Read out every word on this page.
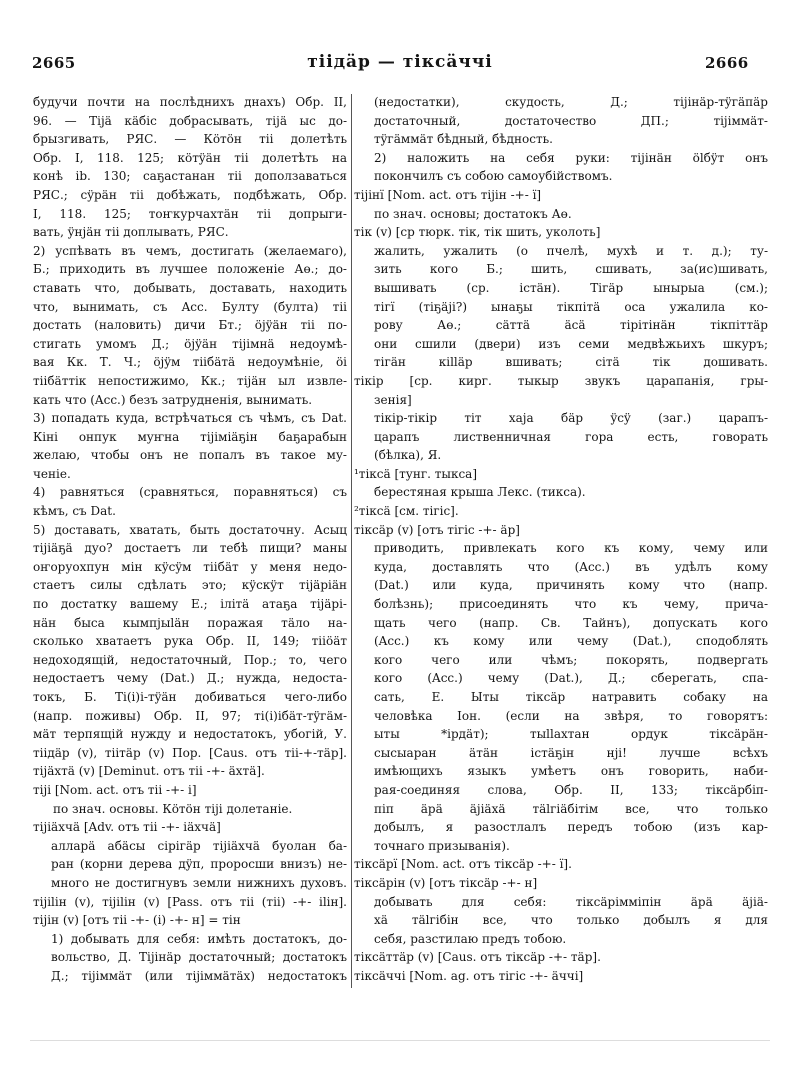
2665	тіідäр — тіксäччі	2666
будучи почти на послѣднихъ днахъ) Обр. II,
96. — Тіjä кäбіс добрасывать, тіjä ыс до-
брызгивать, РЯС. — Кöтöн тіі долетѣть
Обр. I, 118. 125; кöтÿäн тіі долетѣть на
конѣ ib. 130; саҕастанан тіі доползаваться
РЯС.; сÿрäн тіі добѣжать, подбѣжать, Обр.
I, 118. 125; тоҥкурчахтäн тіі допрыги-
вать, ÿнjäн тіі доплывать, РЯС.
2) успѣвать въ чемъ, достигать (желаемаго),
Б.; приходить въ лучшее положеніе Аө.; до-
ставать что, добывать, доставать, находить
что, вынимать, съ Acc. Булту (булта) тіі
достать (наловить) дичи Бт.; öjÿäн тіі по-
стигать умомъ Д.; öjÿäн тіjімнä недоумѣ-
вая Кк. Т. Ч.; öjÿм тіібäтä недоумѣніе, öі
тіібäттік непостижимо, Кк.; тіjäн ыл извле-
кать что (Acc.) безъ затрудненія, вынимать.
3) попадать куда, встрѣчаться съ чѣмъ, съ Dat.
Кіні онпук муҥна тіjімiäҕін баҕарабын
желаю, чтобы онъ не попалъ въ такое му-
ченіе.
4) равняться (сравняться, поравняться) съ
кѣмъ, съ Dat.
5) доставать, хватать, быть достаточну. Асыц
тіjiäҕä дуо? достаетъ ли тебѣ пищи? маны
оҥоруохпун мін кÿсÿм тіібäт у меня недо-
стаетъ силы сдѣлать это; кÿскÿт тіjäрiäн
по достатку вашему Е.; ілітä атаҕа тіjäрi-
нäн быса кымпjыläн поражая тäло на-
сколько хватаетъ рука Обр. II, 149; тііöäт
недоходящій, недостаточный, Пор.; то, чего
недостаетъ чему (Dat.) Д.; нужда, недоста-
токъ, Б. Ті(і)і-тÿäн добиваться чего-либо
(напр. поживы) Обр. II, 97; ті(і)ібäт-тÿгäм-
мäт терпящій нужду и недостатокъ, убогій, У.
тіідäр (v), тіітäр (v) Пор. [Caus. отъ тіі-+-тäр].
тіjäхтä (v) [Deminut. отъ тіі -+- äхтä].
тіjі [Nom. act. отъ тіі -+- і]
по знач. основы. Кöтöн тіjі долетаніе.
тіjiäхчä [Adv. отъ тіі -+- iäхчä]
алларä абäсы сірігäр тіjiäхчä буолан ба-
ран (корни дерева дÿп, проросши внизъ) не-
много не достигнувъ земли нижнихъ духовъ.
тіjіlін (v), тіjіlін (v) [Pass. отъ тіі (тіі) -+- іlін].
тіjін (v) [отъ тіі -+- (і) -+- н] = тін
1) добывать для себя: имѣть достатокъ, до-
вольство, Д. Тіjінäр достаточный; достатокъ
Д.; тіjіммäт (или тіjіммäтäх) недостатокъ
(недостатки), скудость, Д.; тіjінäр-тÿгäпäр
достаточный, достаточество ДП.; тіjіммäт-
тÿгäммäт бѣдный, бѣдность.
2) наложить на себя руки: тіjінäн ölбÿт онъ
покончилъ съ собою самоубійствомъ.
тіjінї [Nom. act. отъ тіjін -+- ї]
по знач. основы; достатокъ Аө.
тік (v) [ср тюрк. тік, тік шить, уколоть]
жалить, ужалить (о пчелѣ, мухѣ и т. д.); ту-
зить кого Б.; шить, сшивать, за(ис)шивать,
вышивать (ср. істäн). Тігäр ынырыа (см.);
тігї (тіҕäjі?) ынаҕы тікпітä оса ужалила ко-
рову Аө.; сäттä äсä тірітінäн тікпіттäр
они сшили (двери) изъ семи медвѣжьихъ шкуръ;
тігäн кіlläр вшивать; сітä тік дошивать.
тікір [ср. кирг. тыкыр звукъ царапанія, гры-
зенія]
тікір-тікір тіт хаjа бäр ÿсÿ (заг.) царапъ-
царапъ лиственничная гора есть, говорать
(бѣлка), Я.
¹тіксä [тунг. тыкса]
берестяная крыша Лекс. (тикса).
²тіксä [см. тігіс].
тіксäр (v) [отъ тігіс -+- äр]
приводить, привлекать кого къ кому, чему или
куда, доставлять что (Acc.) въ удѣлъ кому
(Dat.) или куда, причинять кому что (напр.
болѣзнь); присоединять что къ чему, прича-
щать чего (напр. Св. Тайнъ), допускать кого
(Acc.) къ кому или чему (Dat.), сподоблять
кого чего или чѣмъ; покорять, подвергать
кого (Acc.) чему (Dat.), Д.; сберегать, спа-
сать, Е. Ыты тіксäр натравить собаку на
человѣка Іон. (если на звѣря, то говорятъ:
ыты *ірдäт); тыllахтан ордук тіксäрäн-
сысыаран äтäн істäҕін нjі! лучше всѣхъ
имѣющихъ языкъ умѣетъ онъ говорить, наби-
рая-соединяя слова, Обр. II, 133; тіксäрбіп-
піп äрä äjiäхä тälгiäбітім все, что только
добылъ, я разостлалъ передъ тобою (изъ кар-
точнаго призыванія).
тіксäрї [Nom. act. отъ тіксäр -+- ї].
тіксäрін (v) [отъ тіксäр -+- н]
добывать для себя: тіксäрімміпін äрä äjiä-
хä тälгiбін все, что только добылъ я для
себя, разстилаю предъ тобою.
тіксäттäр (v) [Caus. отъ тіксäр -+- тäр].
тіксäччі [Nom. ag. отъ тігіс -+- äччі]
